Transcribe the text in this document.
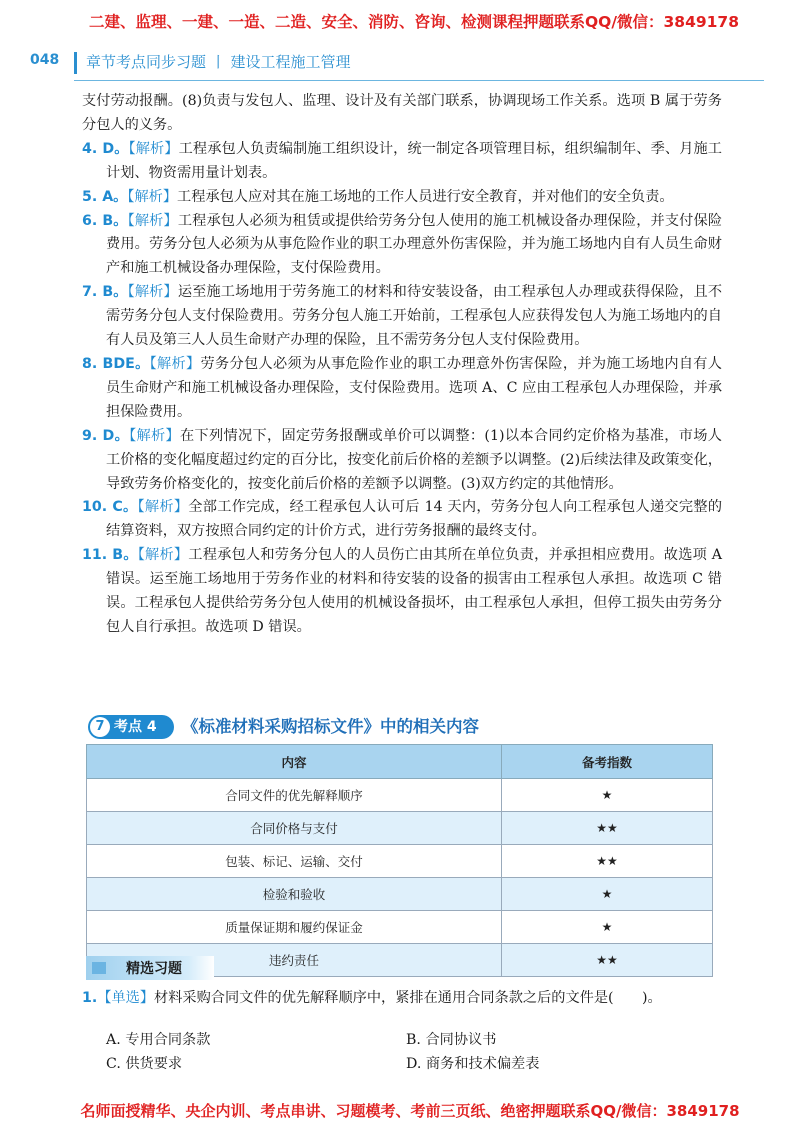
二建、监理、一建、一造、二造、安全、消防、咨询、检测课程押题联系QQ/微信：3849178
048 章节考点同步习题 丨 建设工程施工管理

支付劳动报酬。(8)负责与发包人、监理、设计及有关部门联系，协调现场工作关系。选项 B 属于劳务分包人的义务。

4. D。【解析】工程承包人负责编制施工组织设计，统一制定各项管理目标，组织编制年、季、月施工计划、物资需用量计划表。

5. A。【解析】工程承包人应对其在施工场地的工作人员进行安全教育，并对他们的安全负责。

6. B。【解析】工程承包人必须为租赁或提供给劳务分包人使用的施工机械设备办理保险，并支付保险费用。劳务分包人必须为从事危险作业的职工办理意外伤害保险，并为施工场地内自有人员生命财产和施工机械设备办理保险，支付保险费用。

7. B。【解析】运至施工场地用于劳务施工的材料和待安装设备，由工程承包人办理或获得保险，且不需劳务分包人支付保险费用。劳务分包人施工开始前，工程承包人应获得发包人为施工场地内的自有人员及第三人人员生命财产办理的保险，且不需劳务分包人支付保险费用。

8. BDE。【解析】劳务分包人必须为从事危险作业的职工办理意外伤害保险，并为施工场地内自有人员生命财产和施工机械设备办理保险，支付保险费用。选项 A、C 应由工程承包人办理保险，并承担保险费用。

9. D。【解析】在下列情况下，固定劳务报酬或单价可以调整：(1)以本合同约定价格为基准，市场人工价格的变化幅度超过约定的百分比，按变化前后价格的差额予以调整。(2)后续法律及政策变化，导致劳务价格变化的，按变化前后价格的差额予以调整。(3)双方约定的其他情形。

10. C。【解析】全部工作完成，经工程承包人认可后 14 天内，劳务分包人向工程承包人递交完整的结算资料，双方按照合同约定的计价方式，进行劳务报酬的最终支付。

11. B。【解析】工程承包人和劳务分包人的人员伤亡由其所在单位负责，并承担相应费用。故选项 A 错误。运至施工场地用于劳务作业的材料和待安装的设备的损害由工程承包人承担。故选项 C 错误。工程承包人提供给劳务分包人使用的机械设备损坏，由工程承包人承担，但停工损失由劳务分包人自行承担。故选项 D 错误。

7 考点 4 《标准材料采购招标文件》中的相关内容
内容	备考指数
合同文件的优先解释顺序	★
合同价格与支付	★★
包装、标记、运输、交付	★★
检验和验收	★
质量保证期和履约保证金	★
违约责任	★★
精选习题
1.【单选】材料采购合同文件的优先解释顺序中，紧排在通用合同条款之后的文件是(　　)。
A. 专用合同条款	B. 合同协议书
C. 供货要求	D. 商务和技术偏差表
名师面授精华、央企内训、考点串讲、习题模考、考前三页纸、绝密押题联系QQ/微信：3849178
